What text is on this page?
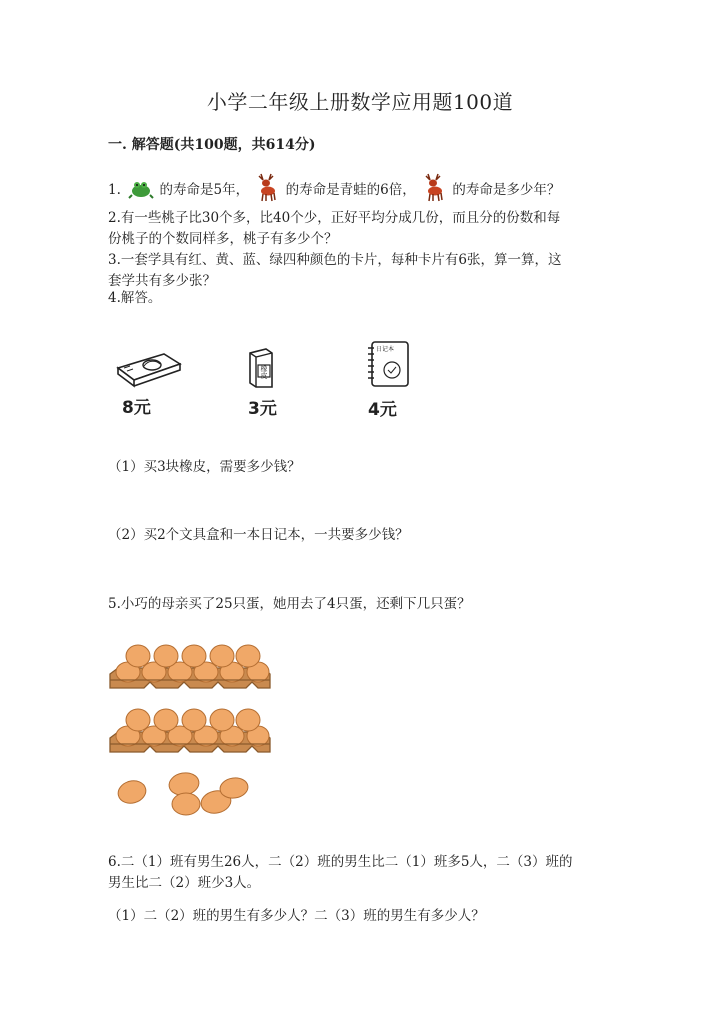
小学二年级上册数学应用题100道
一. 解答题(共100题，共614分)
1.	的寿命是5年，	的寿命是青蛙的6倍，	的寿命是多少年？
2.有一些桃子比30个多，比40个少，正好平均分成几份，而且分的份数和每
份桃子的个数同样多，桃子有多少个？
3.一套学具有红、黄、蓝、绿四种颜色的卡片，每种卡片有6张，算一算，这
套学共有多少张？
4.解答。
8元
橡皮
3元
日记本
4元
（1）买3块橡皮，需要多少钱？
（2）买2个文具盒和一本日记本，一共要多少钱？
5.小巧的母亲买了25只蛋，她用去了4只蛋，还剩下几只蛋？
6.二（1）班有男生26人，二（2）班的男生比二（1）班多5人，二（3）班的
男生比二（2）班少3人。
（1）二（2）班的男生有多少人？二（3）班的男生有多少人？
